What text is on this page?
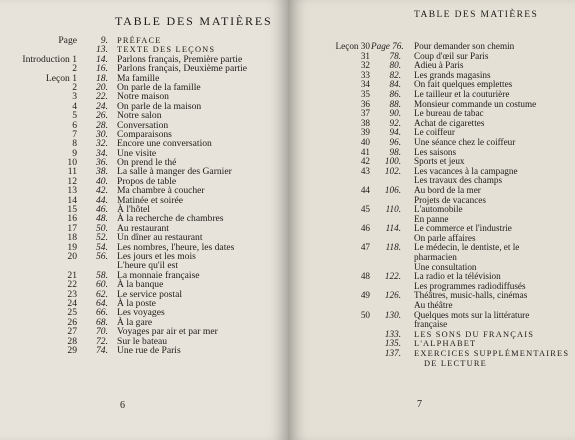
TABLE DES MATIÈRES
Page	9. PRÉFACE
13. TEXTE DES LEÇONS
Introduction 1	14. Parlons français, Première partie
2	16. Parlons français, Deuxième partie
Leçon 1	18. Ma famille
2	20. On parle de la famille
3	22. Notre maison
4	24. On parle de la maison
5	26. Notre salon
6	28. Conversation
7	30. Comparaisons
8	32. Encore une conversation
9	34. Une visite
10	36. On prend le thé
11	38. La salle à manger des Garnier
12	40. Propos de table
13	42. Ma chambre à coucher
14	44. Matinée et soirée
15	46. À l'hôtel
16	48. À la recherche de chambres
17	50. Au restaurant
18	52. Un dîner au restaurant
19	54. Les nombres, l'heure, les dates
20	56. Les jours et les mois
L'heure qu'il est
21	58. La monnaie française
22	60. À la banque
23	62. Le service postal
24	64. À la poste
25	66. Les voyages
26	68. À la gare
27	70. Voyages par air et par mer
28	72. Sur le bateau
29	74. Une rue de Paris
6
TABLE DES MATIÈRES
Leçon 30 Page 76. Pour demander son chemin
31	78. Coup d'œil sur Paris
32	80. Adieu à Paris
33	82. Les grands magasins
34	84. On fait quelques emplettes
35	86. Le tailleur et la couturière
36	88. Monsieur commande un costume
37	90. Le bureau de tabac
38	92. Achat de cigarettes
39	94. Le coiffeur
40	96. Une séance chez le coiffeur
41	98. Les saisons
42	100. Sports et jeux
43	102. Les vacances à la campagne
Les travaux des champs
44	106. Au bord de la mer
Projets de vacances
45	110. L'automobile
En panne
46	114. Le commerce et l'industrie
On parle affaires
47	118. Le médecin, le dentiste, et le
pharmacien
Une consultation
48	122. La radio et la télévision
Les programmes radiodiffusés
49	126. Théâtres, music-halls, cinémas
Au théâtre
50	130. Quelques mots sur la littérature
française
133. LES SONS DU FRANÇAIS
135. L'ALPHABET
137. EXERCICES SUPPLÉMENTAIRES
DE LECTURE
7
